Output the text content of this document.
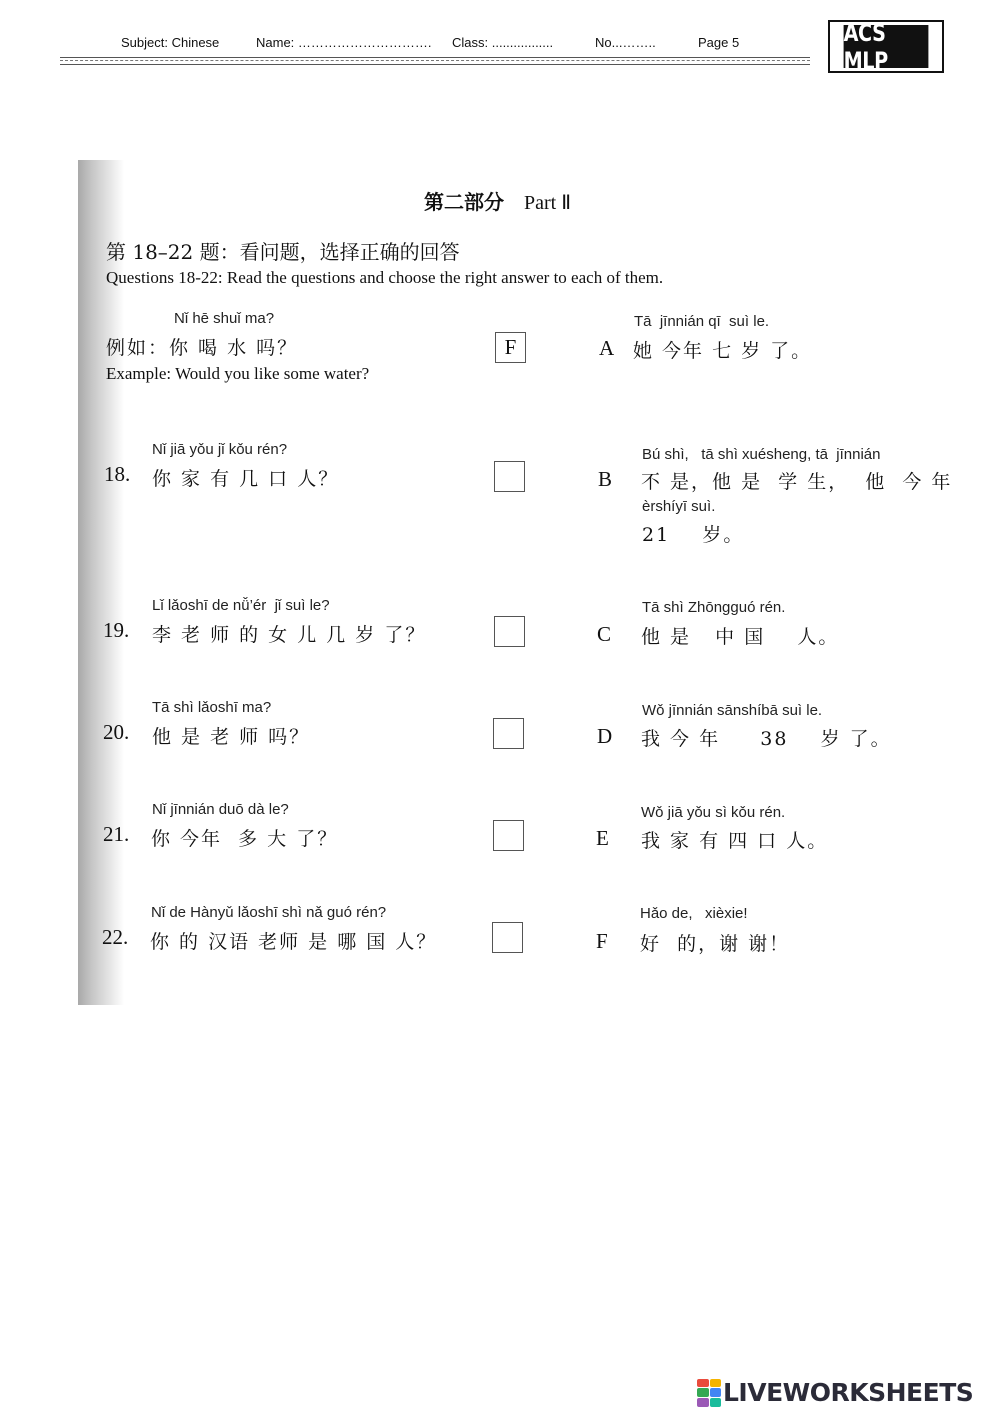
Subject: Chinese	Name: …………………………. Class: .................	No...……..	Page 5	ACS MLP
第二部分 Part Ⅱ
第 18–22 题：看问题，选择正确的回答
Questions 18-22: Read the questions and choose the right answer to each of them.
Nǐ hē shuǐ ma?
例如：你 喝 水 吗？
Example: Would you like some water?
F
Nǐ jiā yǒu jǐ kǒu rén?
18. 你 家 有 几 口 人？
Lǐ lǎoshī de nǚ’ér  jǐ suì le?
19. 李 老 师 的 女 儿 几 岁 了？
Tā shì lǎoshī ma?
20. 他 是 老 师 吗？
Nǐ jīnnián duō dà le?
21. 你 今年  多 大 了？
Nǐ de Hànyǔ lǎoshī shì nǎ guó rén?
22. 你 的 汉语 老师 是 哪 国 人？
Tā  jīnnián qī  suì le.
A 她 今年 七 岁 了。
Bú shì,   tā shì xuésheng, tā  jīnnián
B 不 是，他 是  学 生，  他  今 年
èrshíyī suì.
21    岁。
Tā shì Zhōngguó rén.
C 他 是   中 国    人。
Wǒ jīnnián sānshíbā suì le.
D 我 今 年     38    岁 了。
Wǒ jiā yǒu sì kǒu rén.
E 我 家 有 四 口 人。
Hǎo de,   xièxie!
F 好  的，谢 谢！
LIVEWORKSHEETS
